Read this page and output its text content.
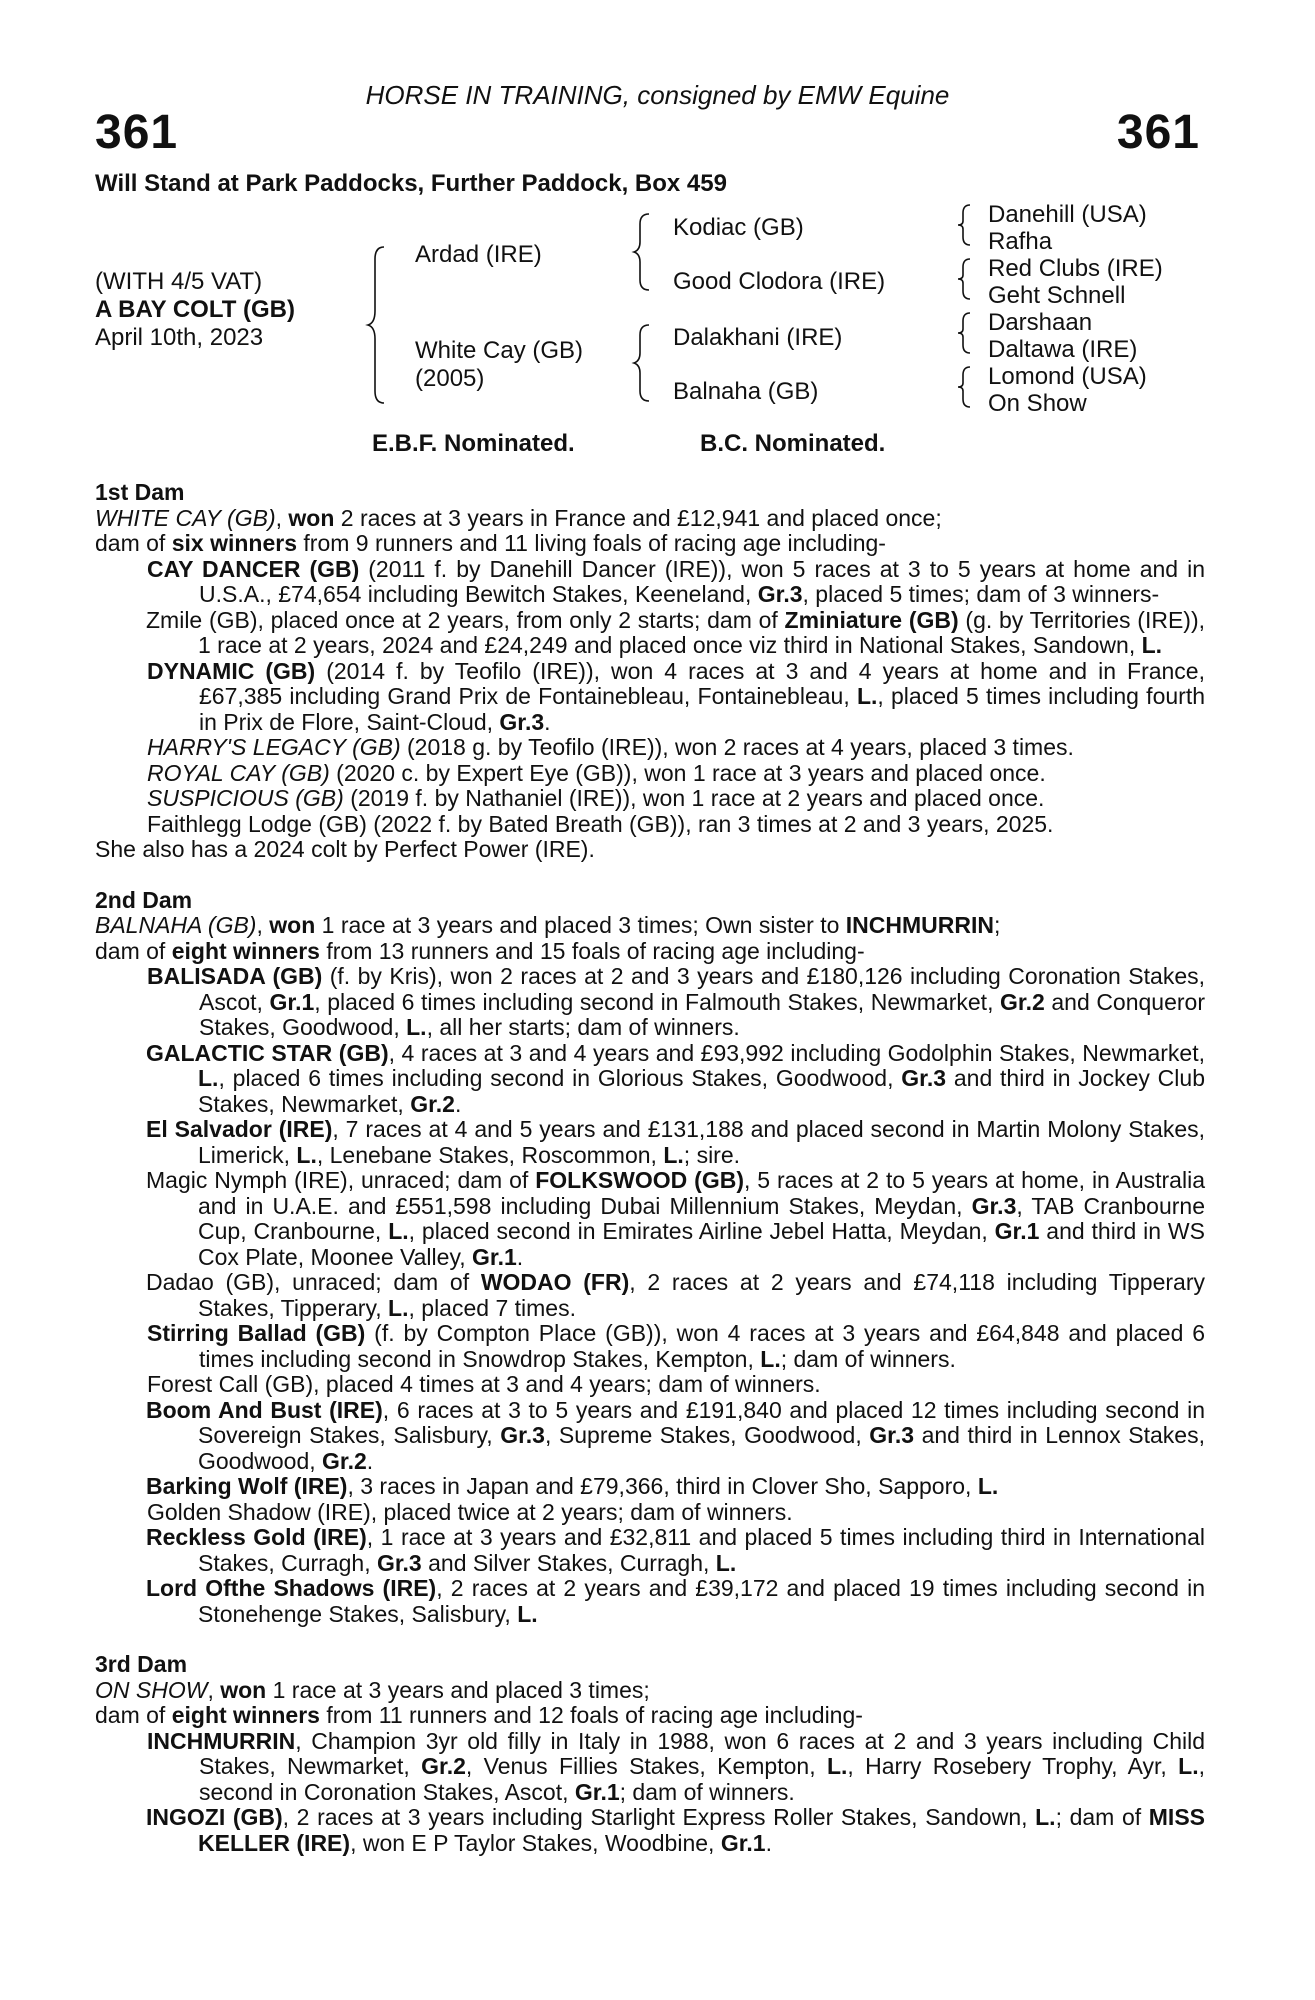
HORSE IN TRAINING, consigned by EMW Equine
361	361
Will Stand at Park Paddocks, Further Paddock, Box 459
(WITH 4/5 VAT)
A BAY COLT (GB)
April 10th, 2023
Ardad (IRE)
White Cay (GB)
(2005)
Kodiac (GB)
Good Clodora (IRE)
Dalakhani (IRE)
Balnaha (GB)
Danehill (USA)
Rafha
Red Clubs (IRE)
Geht Schnell
Darshaan
Daltawa (IRE)
Lomond (USA)
On Show
E.B.F. Nominated.	B.C. Nominated.

1st Dam

WHITE CAY (GB), won 2 races at 3 years in France and £12,941 and placed once;

dam of six winners from 9 runners and 11 living foals of racing age including-

CAY DANCER (GB) (2011 f. by Danehill Dancer (IRE)), won 5 races at 3 to 5 years at home and in U.S.A., £74,654 including Bewitch Stakes, Keeneland, Gr.3, placed 5 times; dam of 3 winners-

Zmile (GB), placed once at 2 years, from only 2 starts; dam of Zminiature (GB) (g. by Territories (IRE)), 1 race at 2 years, 2024 and £24,249 and placed once viz third in National Stakes, Sandown, L.

DYNAMIC (GB) (2014 f. by Teofilo (IRE)), won 4 races at 3 and 4 years at home and in France, £67,385 including Grand Prix de Fontainebleau, Fontainebleau, L., placed 5 times including fourth in Prix de Flore, Saint-Cloud, Gr.3.

HARRY'S LEGACY (GB) (2018 g. by Teofilo (IRE)), won 2 races at 4 years, placed 3 times.

ROYAL CAY (GB) (2020 c. by Expert Eye (GB)), won 1 race at 3 years and placed once.

SUSPICIOUS (GB) (2019 f. by Nathaniel (IRE)), won 1 race at 2 years and placed once.

Faithlegg Lodge (GB) (2022 f. by Bated Breath (GB)), ran 3 times at 2 and 3 years, 2025.

She also has a 2024 colt by Perfect Power (IRE).

2nd Dam

BALNAHA (GB), won 1 race at 3 years and placed 3 times; Own sister to INCHMURRIN;

dam of eight winners from 13 runners and 15 foals of racing age including-

BALISADA (GB) (f. by Kris), won 2 races at 2 and 3 years and £180,126 including Coronation Stakes, Ascot, Gr.1, placed 6 times including second in Falmouth Stakes, Newmarket, Gr.2 and Conqueror Stakes, Goodwood, L., all her starts; dam of winners.

GALACTIC STAR (GB), 4 races at 3 and 4 years and £93,992 including Godolphin Stakes, Newmarket, L., placed 6 times including second in Glorious Stakes, Goodwood, Gr.3 and third in Jockey Club Stakes, Newmarket, Gr.2.

El Salvador (IRE), 7 races at 4 and 5 years and £131,188 and placed second in Martin Molony Stakes, Limerick, L., Lenebane Stakes, Roscommon, L.; sire.

Magic Nymph (IRE), unraced; dam of FOLKSWOOD (GB), 5 races at 2 to 5 years at home, in Australia and in U.A.E. and £551,598 including Dubai Millennium Stakes, Meydan, Gr.3, TAB Cranbourne Cup, Cranbourne, L., placed second in Emirates Airline Jebel Hatta, Meydan, Gr.1 and third in WS Cox Plate, Moonee Valley, Gr.1.

Dadao (GB), unraced; dam of WODAO (FR), 2 races at 2 years and £74,118 including Tipperary Stakes, Tipperary, L., placed 7 times.

Stirring Ballad (GB) (f. by Compton Place (GB)), won 4 races at 3 years and £64,848 and placed 6 times including second in Snowdrop Stakes, Kempton, L.; dam of winners.

Forest Call (GB), placed 4 times at 3 and 4 years; dam of winners.

Boom And Bust (IRE), 6 races at 3 to 5 years and £191,840 and placed 12 times including second in Sovereign Stakes, Salisbury, Gr.3, Supreme Stakes, Goodwood, Gr.3 and third in Lennox Stakes, Goodwood, Gr.2.

Barking Wolf (IRE), 3 races in Japan and £79,366, third in Clover Sho, Sapporo, L.

Golden Shadow (IRE), placed twice at 2 years; dam of winners.

Reckless Gold (IRE), 1 race at 3 years and £32,811 and placed 5 times including third in International Stakes, Curragh, Gr.3 and Silver Stakes, Curragh, L.

Lord Ofthe Shadows (IRE), 2 races at 2 years and £39,172 and placed 19 times including second in Stonehenge Stakes, Salisbury, L.

3rd Dam

ON SHOW, won 1 race at 3 years and placed 3 times;

dam of eight winners from 11 runners and 12 foals of racing age including-

INCHMURRIN, Champion 3yr old filly in Italy in 1988, won 6 races at 2 and 3 years including Child Stakes, Newmarket, Gr.2, Venus Fillies Stakes, Kempton, L., Harry Rosebery Trophy, Ayr, L., second in Coronation Stakes, Ascot, Gr.1; dam of winners.

INGOZI (GB), 2 races at 3 years including Starlight Express Roller Stakes, Sandown, L.; dam of MISS KELLER (IRE), won E P Taylor Stakes, Woodbine, Gr.1.
